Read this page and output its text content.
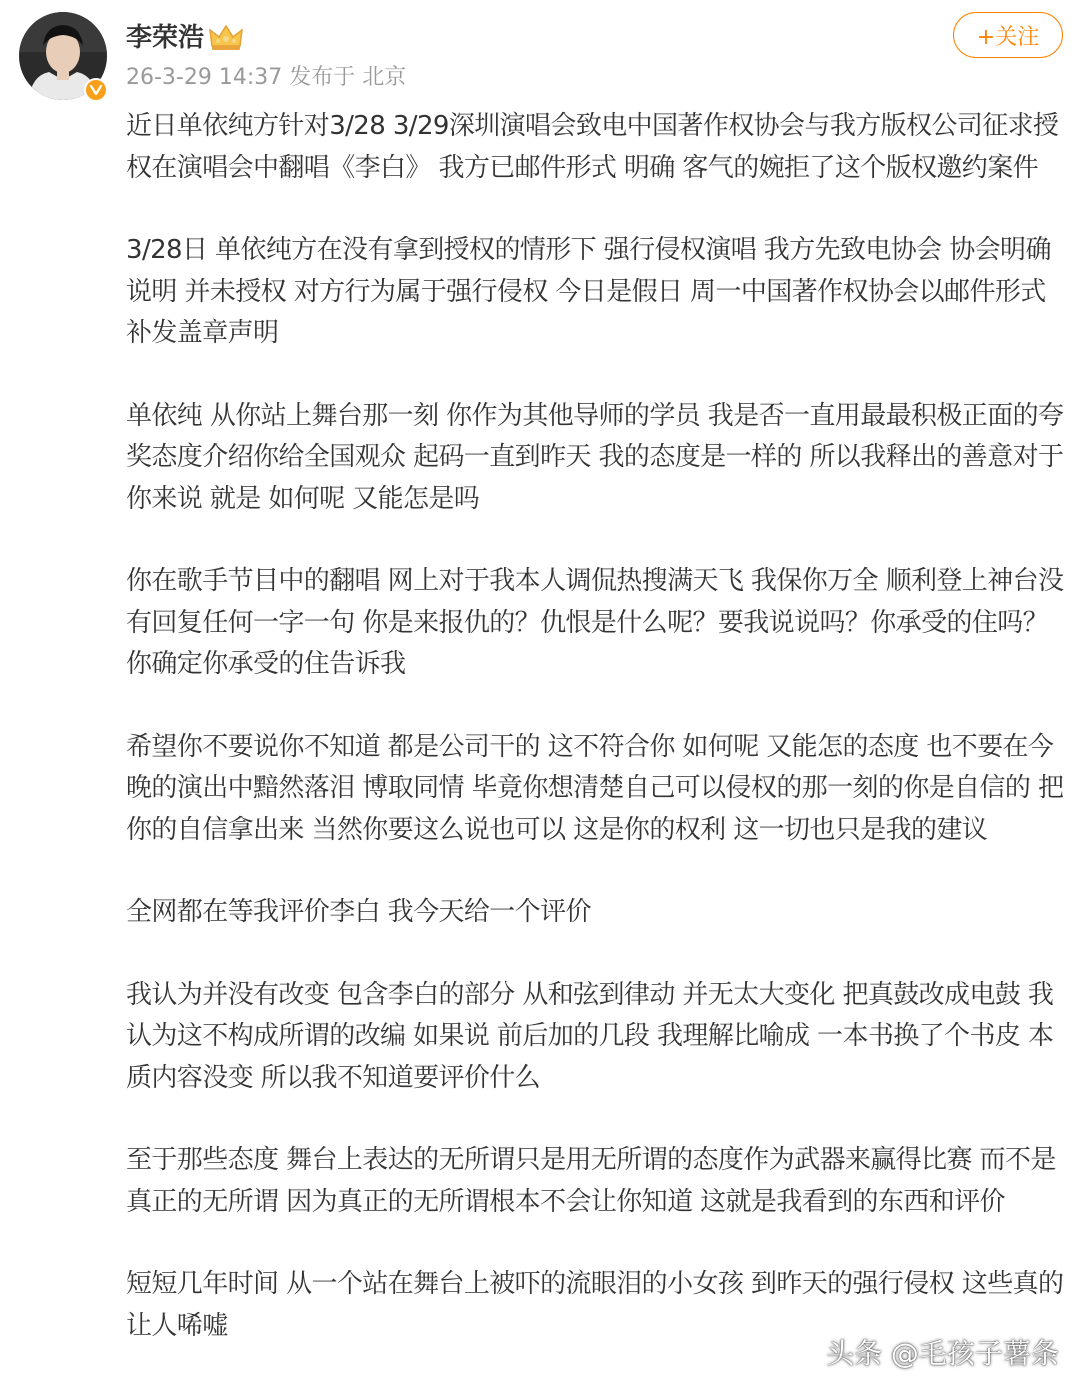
李荣浩
26-3-29 14:37 发布于 北京
+关注

近日单依纯方针对3/28 3/29深圳演唱会致电中国著作权协会与我方版权公司征求授权在演唱会中翻唱《李白》 我方已邮件形式 明确 客气的婉拒了这个版权邀约案件

3/28日 单依纯方在没有拿到授权的情形下 强行侵权演唱 我方先致电协会 协会明确说明 并未授权 对方行为属于强行侵权 今日是假日 周一中国著作权协会以邮件形式补发盖章声明

单依纯 从你站上舞台那一刻 你作为其他导师的学员 我是否一直用最最积极正面的夸奖态度介绍你给全国观众 起码一直到昨天 我的态度是一样的 所以我释出的善意对于你来说 就是 如何呢 又能怎是吗

你在歌手节目中的翻唱 网上对于我本人调侃热搜满天飞 我保你万全 顺利登上神台没有回复任何一字一句 你是来报仇的？仇恨是什么呢？要我说说吗？你承受的住吗？你确定你承受的住告诉我

希望你不要说你不知道 都是公司干的 这不符合你 如何呢 又能怎的态度 也不要在今晚的演出中黯然落泪 博取同情 毕竟你想清楚自己可以侵权的那一刻的你是自信的 把你的自信拿出来 当然你要这么说也可以 这是你的权利 这一切也只是我的建议

全网都在等我评价李白 我今天给一个评价

我认为并没有改变 包含李白的部分 从和弦到律动 并无太大变化 把真鼓改成电鼓 我认为这不构成所谓的改编 如果说 前后加的几段 我理解比喻成 一本书换了个书皮 本质内容没变 所以我不知道要评价什么

至于那些态度 舞台上表达的无所谓只是用无所谓的态度作为武器来赢得比赛 而不是真正的无所谓 因为真正的无所谓根本不会让你知道 这就是我看到的东西和评价

短短几年时间 从一个站在舞台上被吓的流眼泪的小女孩 到昨天的强行侵权 这些真的让人唏嘘

头条 @毛孩子薯条
